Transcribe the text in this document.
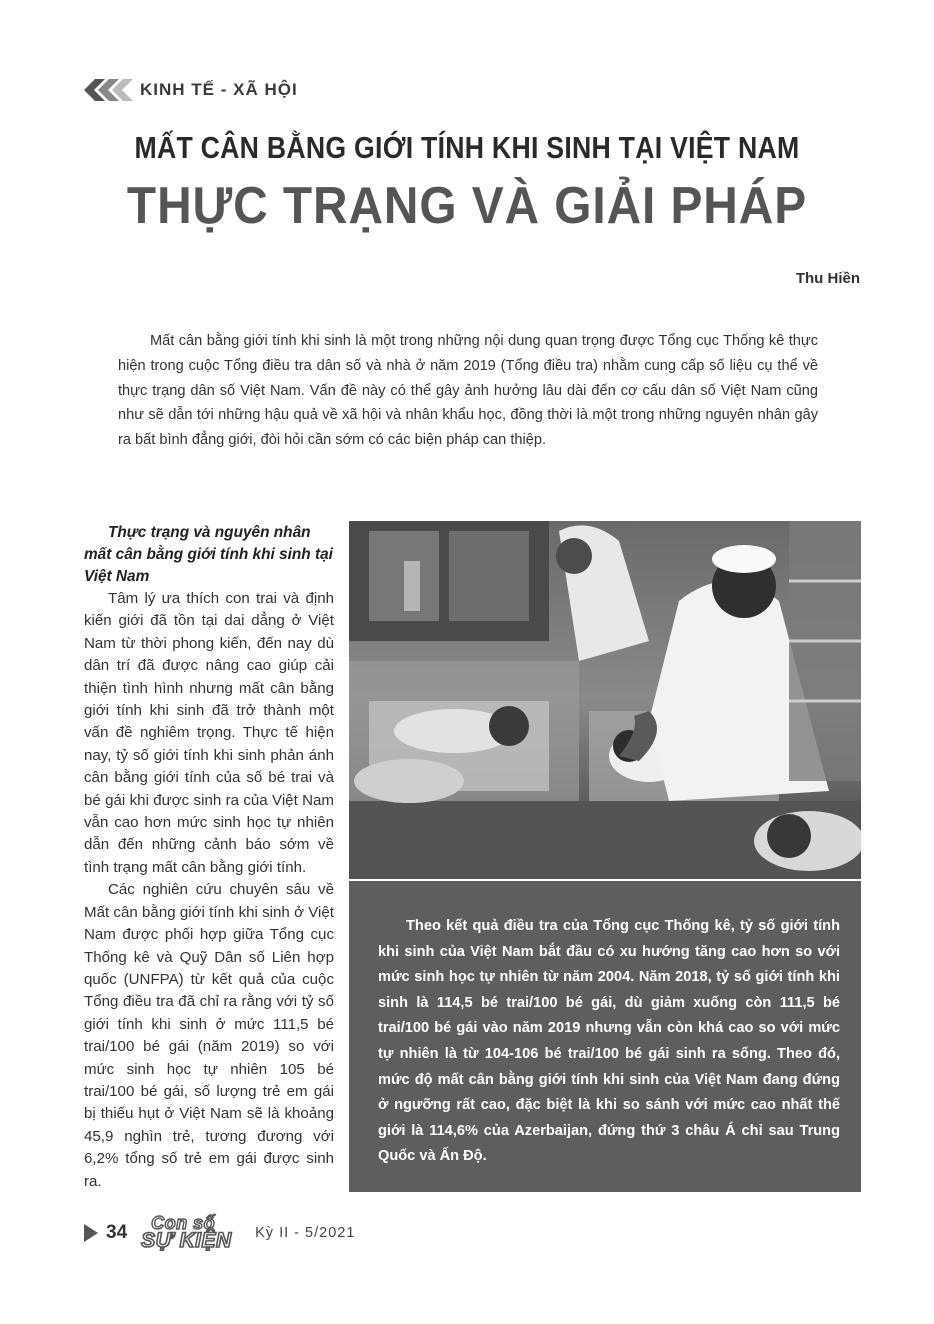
KINH TẾ - XÃ HỘI
MẤT CÂN BẰNG GIỚI TÍNH KHI SINH TẠI VIỆT NAM
THỰC TRẠNG VÀ GIẢI PHÁP
Thu Hiền
Mất cân bằng giới tính khi sinh là một trong những nội dung quan trọng được Tổng cục Thống kê thực hiện trong cuộc Tổng điều tra dân số và nhà ở năm 2019 (Tổng điều tra) nhằm cung cấp số liệu cụ thể về thực trạng dân số Việt Nam. Vấn đề này có thể gây ảnh hưởng lâu dài đến cơ cấu dân số Việt Nam cũng như sẽ dẫn tới những hậu quả về xã hội và nhân khẩu học, đồng thời là một trong những nguyên nhân gây ra bất bình đẳng giới, đòi hỏi cần sớm có các biện pháp can thiệp.
Thực trạng và nguyên nhân mất cân bằng giới tính khi sinh tại Việt Nam

Tâm lý ưa thích con trai và định kiến giới đã tồn tại dai dẳng ở Việt Nam từ thời phong kiến, đến nay dù dân trí đã được nâng cao giúp cải thiện tình hình nhưng mất cân bằng giới tính khi sinh đã trở thành một vấn đề nghiêm trọng. Thực tế hiện nay, tỷ số giới tính khi sinh phản ánh cân bằng giới tính của số bé trai và bé gái khi được sinh ra của Việt Nam vẫn cao hơn mức sinh học tự nhiên dẫn đến những cảnh báo sớm về tình trạng mất cân bằng giới tính.

Các nghiên cứu chuyên sâu về Mất cân bằng giới tính khi sinh ở Việt Nam được phối hợp giữa Tổng cục Thống kê và Quỹ Dân số Liên hợp quốc (UNFPA) từ kết quả của cuộc Tổng điều tra đã chỉ ra rằng với tỷ số giới tính khi sinh ở mức 111,5 bé trai/100 bé gái (năm 2019) so với mức sinh học tự nhiên 105 bé trai/100 bé gái, số lượng trẻ em gái bị thiếu hụt ở Việt Nam sẽ là khoảng 45,9 nghìn trẻ, tương đương với 6,2% tổng số trẻ em gái được sinh ra.

Theo kết quả điều tra của Tổng cục Thống kê, tỷ số giới tính khi sinh của Việt Nam bắt đầu có xu hướng tăng cao hơn so với mức sinh học tự nhiên từ năm 2004. Năm 2018, tỷ số giới tính khi sinh là 114,5 bé trai/100 bé gái, dù giảm xuống còn 111,5 bé trai/100 bé gái vào năm 2019 nhưng vẫn còn khá cao so với mức tự nhiên là từ 104-106 bé trai/100 bé gái sinh ra sống. Theo đó, mức độ mất cân bằng giới tính khi sinh của Việt Nam đang đứng ở ngưỡng rất cao, đặc biệt là khi so sánh với mức cao nhất thế giới là 114,6% của Azerbaijan, đứng thứ 3 châu Á chỉ sau Trung Quốc và Ấn Độ.
34 Con số
SỰ KIỆN Kỳ II - 5/2021
